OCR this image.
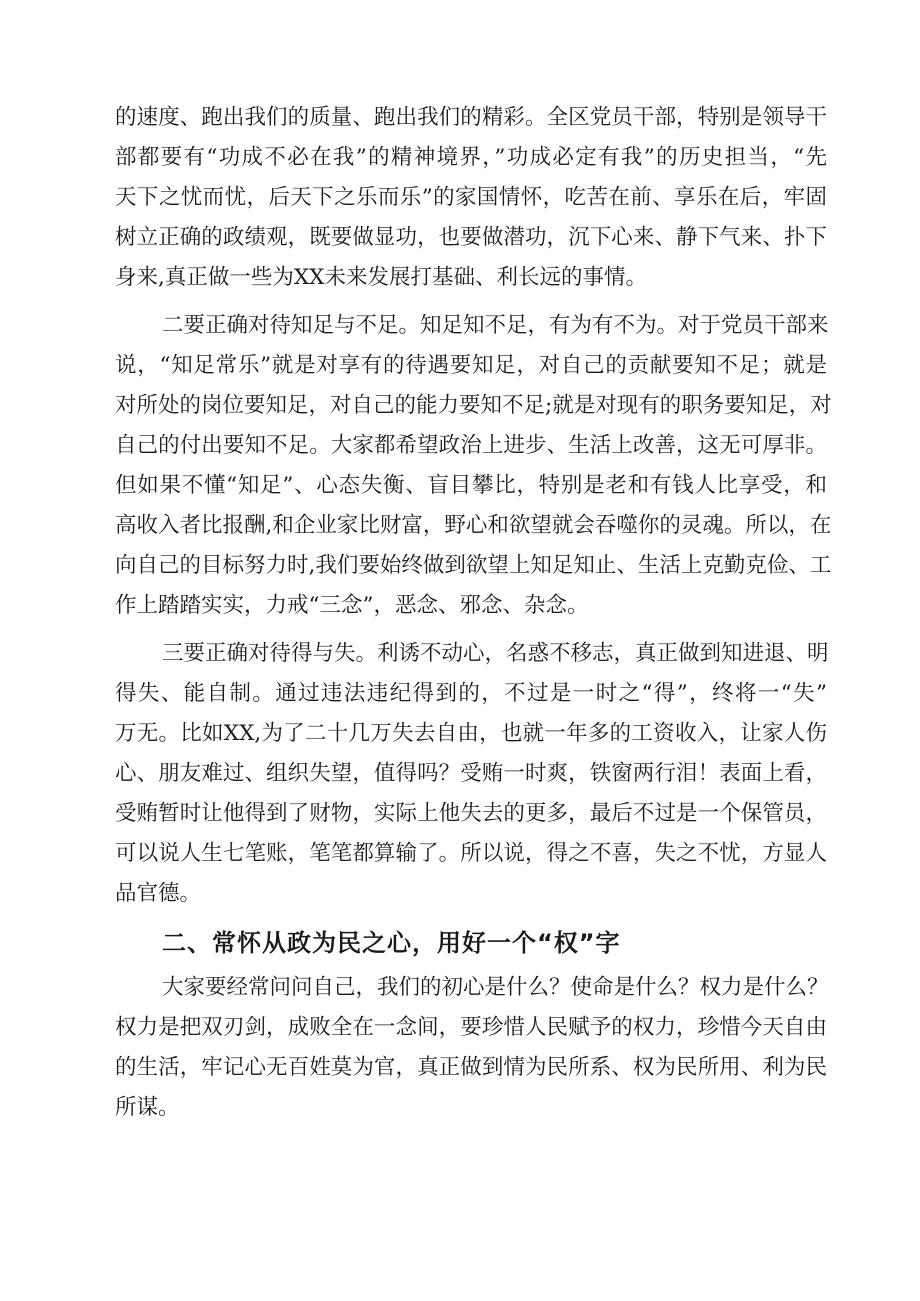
的速度、跑出我们的质量、跑出我们的精彩。全区党员干部，特别是领导干
部都要有“功成不必在我”的精神境界，”功成必定有我”的历史担当，“先
天下之忧而忧，后天下之乐而乐”的家国情怀，吃苦在前、享乐在后，牢固
树立正确的政绩观，既要做显功，也要做潜功，沉下心来、静下气来、扑下
身来,真正做一些为XX未来发展打基础、利长远的事情。
二要正确对待知足与不足。知足知不足，有为有不为。对于党员干部来
说，“知足常乐”就是对享有的待遇要知足，对自己的贡献要知不足；就是
对所处的岗位要知足，对自己的能力要知不足;就是对现有的职务要知足，对
自己的付出要知不足。大家都希望政治上进步、生活上改善，这无可厚非。
但如果不懂“知足”、心态失衡、盲目攀比，特别是老和有钱人比享受，和
高收入者比报酬,和企业家比财富，野心和欲望就会吞噬你的灵魂。所以，在
向自己的目标努力时,我们要始终做到欲望上知足知止、生活上克勤克俭、工
作上踏踏实实，力戒“三念”，恶念、邪念、杂念。
三要正确对待得与失。利诱不动心，名惑不移志，真正做到知进退、明
得失、能自制。通过违法违纪得到的，不过是一时之“得”，终将一“失”
万无。比如XX,为了二十几万失去自由，也就一年多的工资收入，让家人伤
心、朋友难过、组织失望，值得吗？受贿一时爽，铁窗两行泪！表面上看，
受贿暂时让他得到了财物，实际上他失去的更多，最后不过是一个保管员，
可以说人生七笔账，笔笔都算输了。所以说，得之不喜，失之不忧，方显人
品官德。
二、常怀从政为民之心，用好一个“权”字
大家要经常问问自己，我们的初心是什么？使命是什么？权力是什么？
权力是把双刃剑，成败全在一念间，要珍惜人民赋予的权力，珍惜今天自由
的生活，牢记心无百姓莫为官，真正做到情为民所系、权为民所用、利为民
所谋。
